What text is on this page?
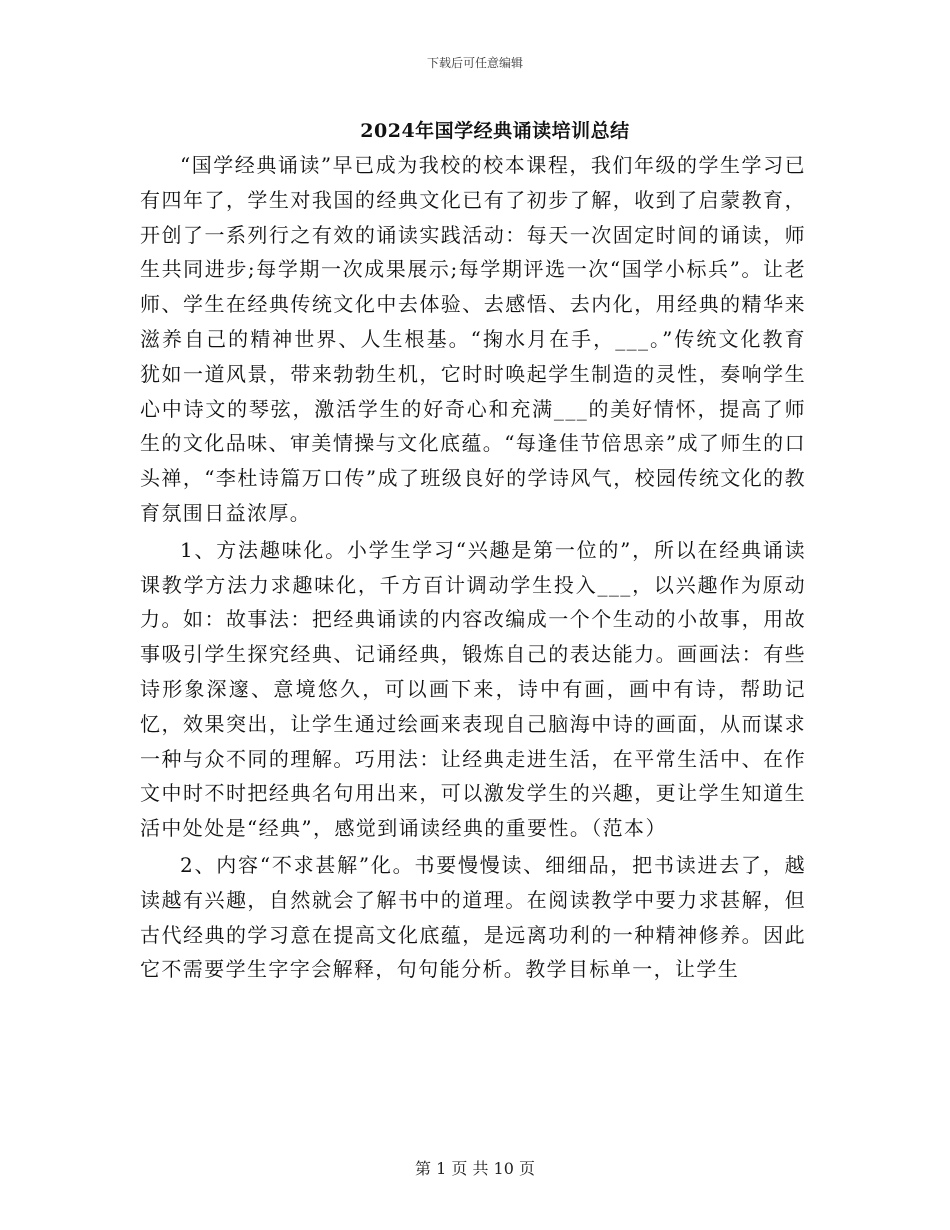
下载后可任意编辑
2024年国学经典诵读培训总结

“国学经典诵读”早已成为我校的校本课程，我们年级的学生学习已有四年了，学生对我国的经典文化已有了初步了解，收到了启蒙教育，开创了一系列行之有效的诵读实践活动：每天一次固定时间的诵读，师生共同进步;每学期一次成果展示;每学期评选一次“国学小标兵”。让老师、学生在经典传统文化中去体验、去感悟、去内化，用经典的精华来滋养自己的精神世界、人生根基。“掬水月在手，___。”传统文化教育犹如一道风景，带来勃勃生机，它时时唤起学生制造的灵性，奏响学生心中诗文的琴弦，激活学生的好奇心和充满___的美好情怀，提高了师生的文化品味、审美情操与文化底蕴。“每逢佳节倍思亲”成了师生的口头禅，“李杜诗篇万口传”成了班级良好的学诗风气，校园传统文化的教育氛围日益浓厚。

1、方法趣味化。小学生学习“兴趣是第一位的”，所以在经典诵读课教学方法力求趣味化，千方百计调动学生投入___，以兴趣作为原动力。如：故事法：把经典诵读的内容改编成一个个生动的小故事，用故事吸引学生探究经典、记诵经典，锻炼自己的表达能力。画画法：有些诗形象深邃、意境悠久，可以画下来，诗中有画，画中有诗，帮助记忆，效果突出，让学生通过绘画来表现自己脑海中诗的画面，从而谋求一种与众不同的理解。巧用法：让经典走进生活，在平常生活中、在作文中时不时把经典名句用出来，可以激发学生的兴趣，更让学生知道生活中处处是“经典”，感觉到诵读经典的重要性。（范本）

2、内容“不求甚解”化。书要慢慢读、细细品，把书读进去了，越读越有兴趣，自然就会了解书中的道理。在阅读教学中要力求甚解，但古代经典的学习意在提高文化底蕴，是远离功利的一种精神修养。因此它不需要学生字字会解释，句句能分析。教学目标单一，让学生

第 1 页 共 10 页
